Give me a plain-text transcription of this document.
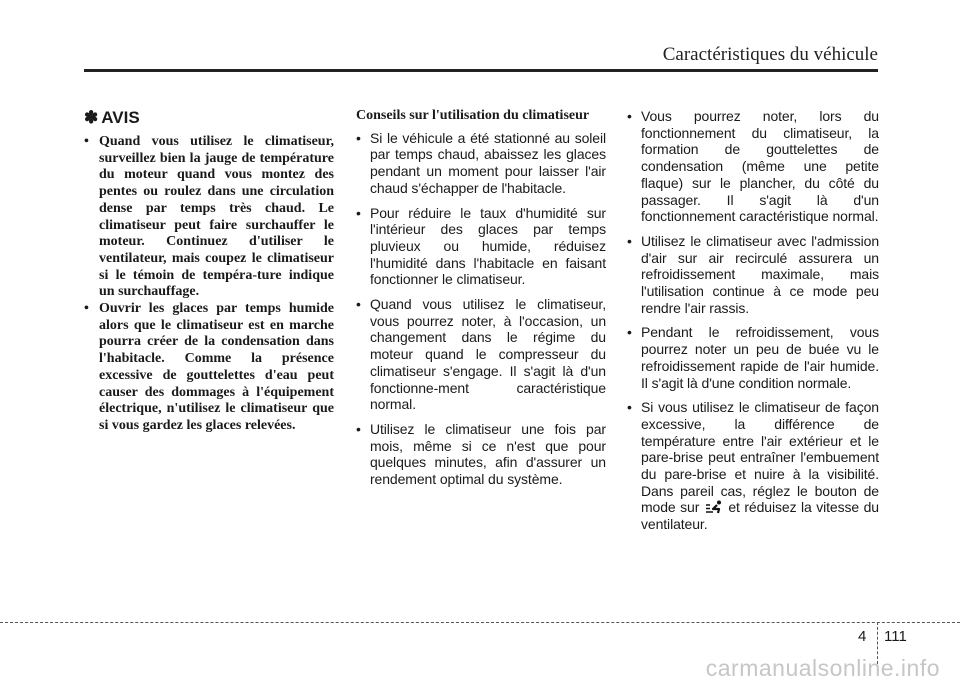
Caractéristiques du véhicule
✽ AVIS
• Quand vous utilisez le climatiseur, surveillez bien la jauge de température du moteur quand vous montez des pentes ou roulez dans une circulation dense par temps très chaud. Le climatiseur peut faire surchauffer le moteur. Continuez d'utiliser le ventilateur, mais coupez le climatiseur si le témoin de tempéra-ture indique un surchauffage.
• Ouvrir les glaces par temps humide alors que le climatiseur est en marche pourra créer de la condensation dans l'habitacle. Comme la présence excessive de gouttelettes d'eau peut causer des dommages à l'équipement électrique, n'utilisez le climatiseur que si vous gardez les glaces relevées.
Conseils sur l'utilisation du climatiseur
• Si le véhicule a été stationné au soleil par temps chaud, abaissez les glaces pendant un moment pour laisser l'air chaud s'échapper de l'habitacle.
• Pour réduire le taux d'humidité sur l'intérieur des glaces par temps pluvieux ou humide, réduisez l'humidité dans l'habitacle en faisant fonctionner le climatiseur.
• Quand vous utilisez le climatiseur, vous pourrez noter, à l'occasion, un changement dans le régime du moteur quand le compresseur du climatiseur s'engage. Il s'agit là d'un fonctionne-ment caractéristique normal.
• Utilisez le climatiseur une fois par mois, même si ce n'est que pour quelques minutes, afin d'assurer un rendement optimal du système.
• Vous pourrez noter, lors du fonctionnement du climatiseur, la formation de gouttelettes de condensation (même une petite flaque) sur le plancher, du côté du passager. Il s'agit là d'un fonctionnement caractéristique normal.
• Utilisez le climatiseur avec l'admission d'air sur air recirculé assurera un refroidissement maximale, mais l'utilisation continue à ce mode peu rendre l'air rassis.
• Pendant le refroidissement, vous pourrez noter un peu de buée vu le refroidissement rapide de l'air humide. Il s'agit là d'une condition normale.
• Si vous utilisez le climatiseur de façon excessive, la différence de température entre l'air extérieur et le pare-brise peut entraîner l'embuement du pare-brise et nuire à la visibilité. Dans pareil cas, réglez le bouton de mode sur et réduisez la vitesse du ventilateur.
4 111
carmanualsonline.info
